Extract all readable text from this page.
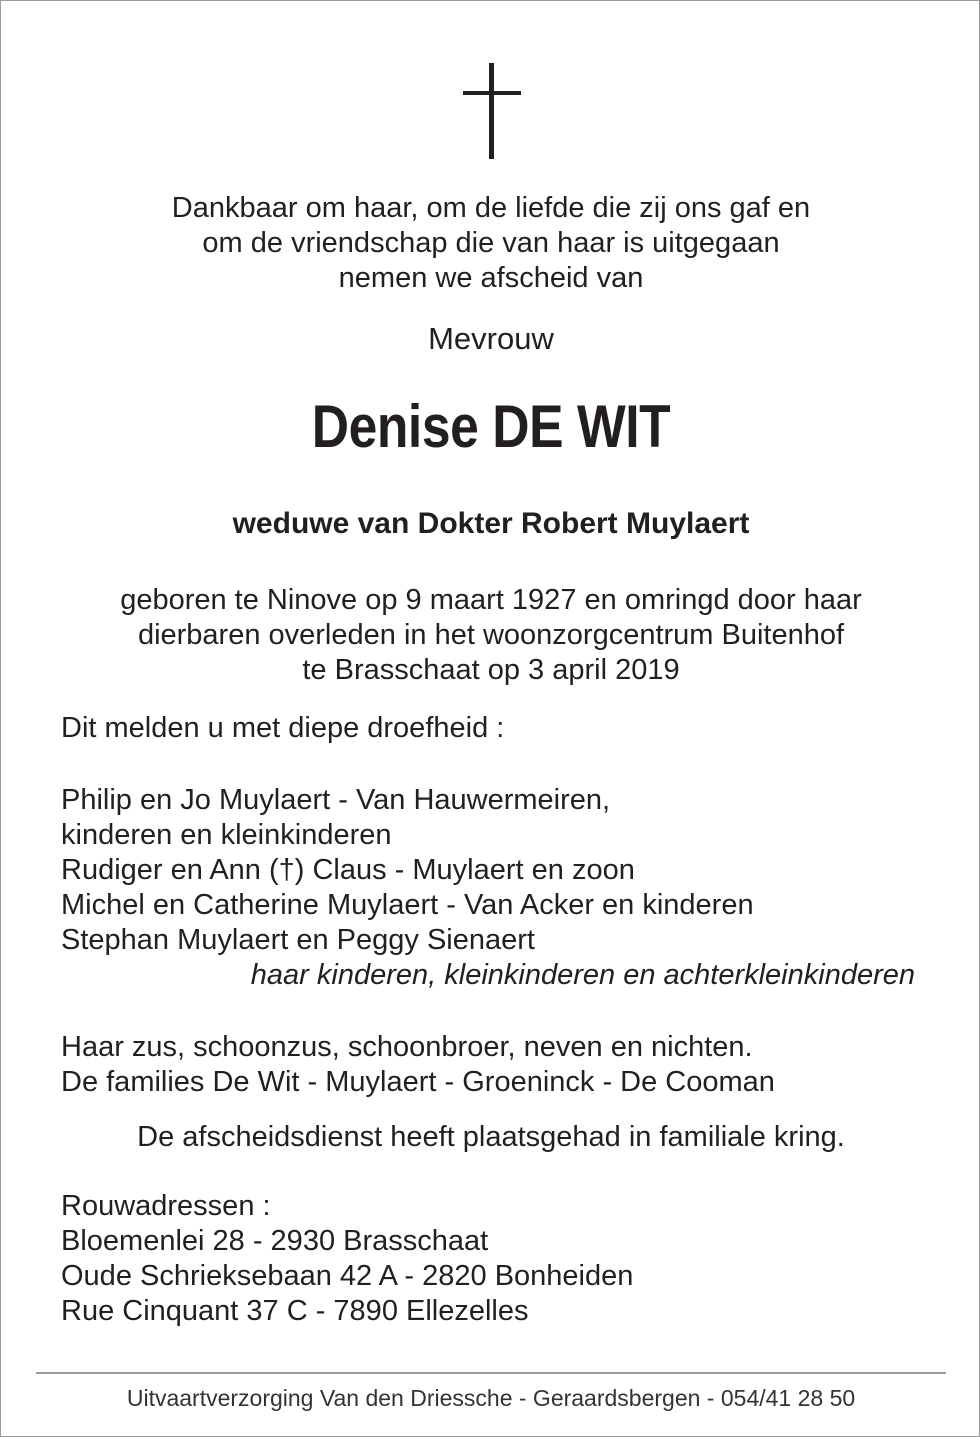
Dankbaar om haar, om de liefde die zij ons gaf en
om de vriendschap die van haar is uitgegaan
nemen we afscheid van
Mevrouw
Denise DE WIT
weduwe van Dokter Robert Muylaert
geboren te Ninove op 9 maart 1927 en omringd door haar
dierbaren overleden in het woonzorgcentrum Buitenhof
te Brasschaat op 3 april 2019
Dit melden u met diepe droefheid :
Philip en Jo Muylaert - Van Hauwermeiren,
kinderen en kleinkinderen
Rudiger en Ann (†) Claus - Muylaert en zoon
Michel en Catherine Muylaert - Van Acker en kinderen
Stephan Muylaert en Peggy Sienaert
haar kinderen, kleinkinderen en achterkleinkinderen
Haar zus, schoonzus, schoonbroer, neven en nichten.
De families De Wit - Muylaert - Groeninck - De Cooman
De afscheidsdienst heeft plaatsgehad in familiale kring.
Rouwadressen :
Bloemenlei 28 - 2930 Brasschaat
Oude Schrieksebaan 42 A - 2820 Bonheiden
Rue Cinquant 37 C - 7890 Ellezelles
Uitvaartverzorging Van den Driessche - Geraardsbergen - 054/41 28 50
